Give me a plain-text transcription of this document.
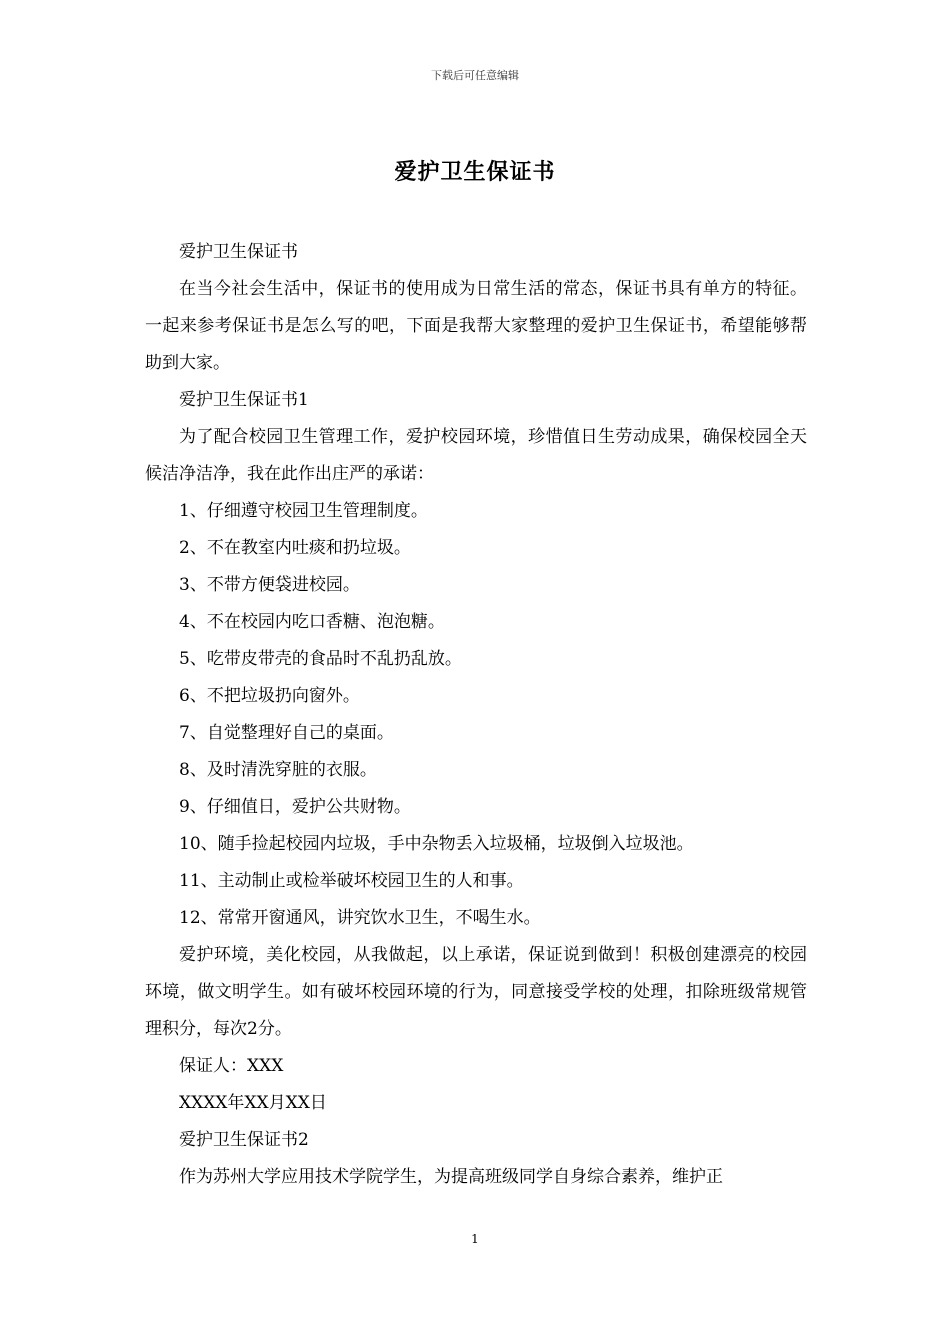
下载后可任意编辑
爱护卫生保证书

爱护卫生保证书

在当今社会生活中，保证书的使用成为日常生活的常态，保证书具有单方的特征。一起来参考保证书是怎么写的吧，下面是我帮大家整理的爱护卫生保证书，希望能够帮助到大家。

爱护卫生保证书1

为了配合校园卫生管理工作，爱护校园环境，珍惜值日生劳动成果，确保校园全天候洁净洁净，我在此作出庄严的承诺：

1、仔细遵守校园卫生管理制度。

2、不在教室内吐痰和扔垃圾。

3、不带方便袋进校园。

4、不在校园内吃口香糖、泡泡糖。

5、吃带皮带壳的食品时不乱扔乱放。

6、不把垃圾扔向窗外。

7、自觉整理好自己的桌面。

8、及时清洗穿脏的衣服。

9、仔细值日，爱护公共财物。

10、随手捡起校园内垃圾，手中杂物丢入垃圾桶，垃圾倒入垃圾池。

11、主动制止或检举破坏校园卫生的人和事。

12、常常开窗通风，讲究饮水卫生，不喝生水。

爱护环境，美化校园，从我做起，以上承诺，保证说到做到！积极创建漂亮的校园环境，做文明学生。如有破坏校园环境的行为，同意接受学校的处理，扣除班级常规管理积分，每次2分。

保证人：XXX

XXXX年XX月XX日

爱护卫生保证书2

作为苏州大学应用技术学院学生，为提高班级同学自身综合素养，维护正

1
